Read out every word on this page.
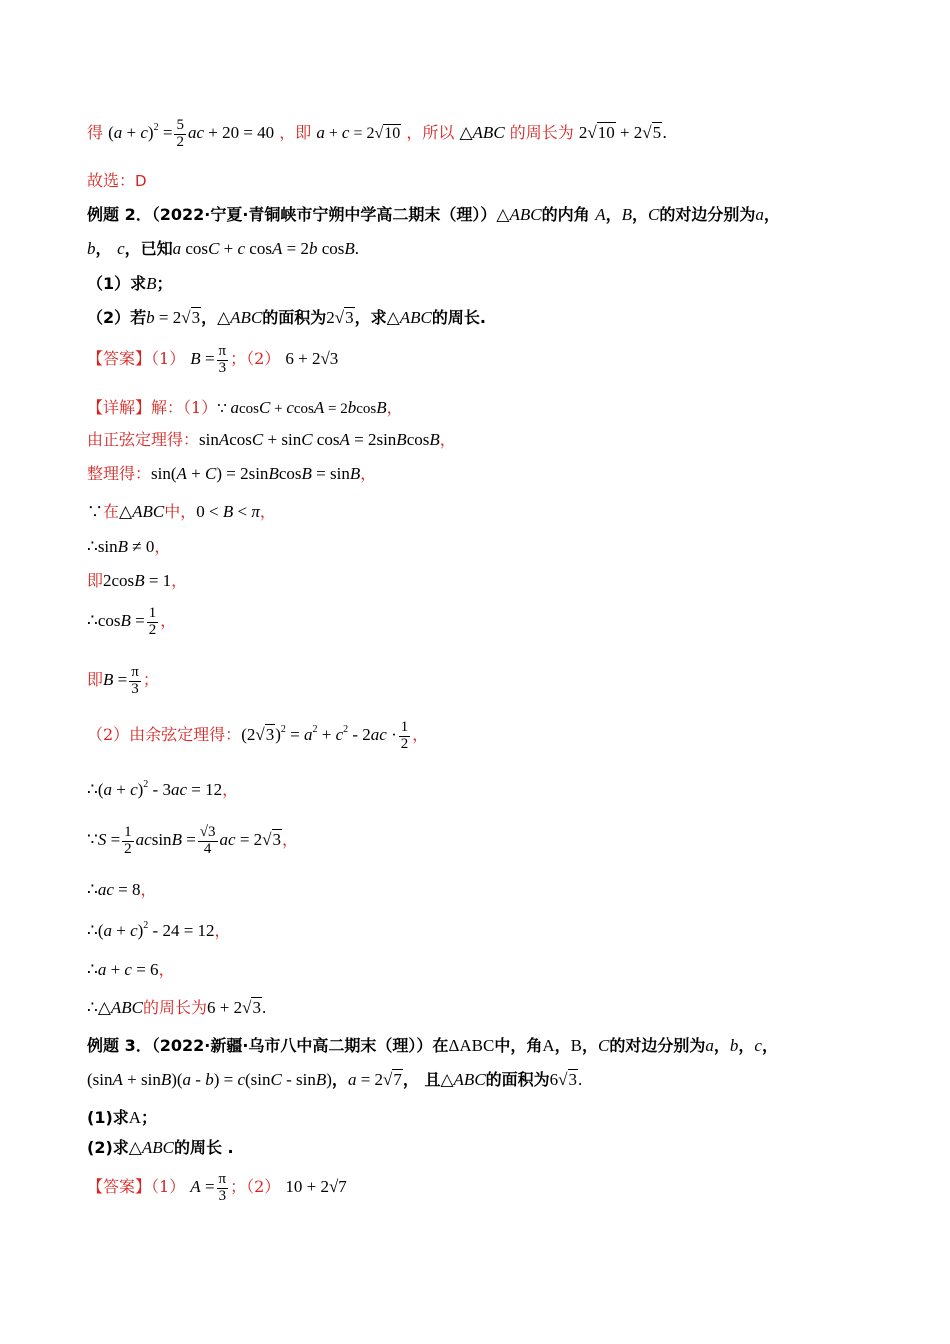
得 $(a + c)^2 = \frac{5}{2}$ ac + 20 = 40 ，即 a + c = 2√10 ，所以 △ABC 的周长为 2√10 + 2√5.
故选：D
例题 2．（2022·宁夏·青铜峡市宁朔中学高二期末（理））△ABC的内角 A，B，C的对边分别为a，
b， c，已知a cosC + c cosA = 2b cosB.
（1）求B；
（2）若b = 2√3，△ABC的面积为2√3，求△ABC的周长.
【答案】（1） $B = \frac{\pi}{3}$ ；（2） 6 + 2√3
【详解】解：（1）∵ acosC + ccosA = 2bcosB，
由正弦定理得：sinAcosC + sinC cosA = 2sinBcosB，
整理得：sin(A + C) = 2sinBcosB = sinB，
∵在△ABC中，0 < B < π，
∴sinB ≠ 0，
即2cosB = 1，
∴cosB = $\frac{1}{2}$ ，
即$B = \frac{\pi}{3}$ ；
（2）由余弦定理得：$(2√3)^2 = a^2 + c^2 - 2ac \cdot \frac{1}{2}$ ，
∴(a + c)$^2$ - 3ac = 12，
∵S = $\frac{1}{2}$ $acsinB = \frac{√3}{4}$ ac = 2√3，
∴ac = 8，
∴(a + c)$^2$ - 24 = 12，
∴a + c = 6，
∴△ABC的周长为6 + 2√3.
例题 3．（2022·新疆·乌市八中高二期末（理））在ΔABC中，角A，B，C的对边分别为a，b，c，
(sinA + sinB)(a - b) = c(sinC - sinB)，a = 2√7， 且△ABC的面积为6√3.
(1)求A；
(2)求△ABC的周长 .
【答案】（1） $A = \frac{\pi}{3}$ ；（2） 10 + 2√7
